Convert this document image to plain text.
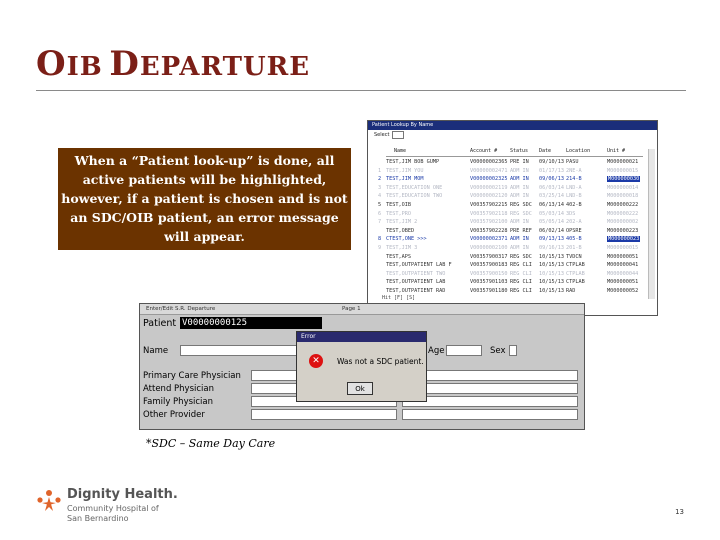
OIB DEPARTURE
When a “Patient look-up” is done, all active patients will be highlighted, however, if a patient is chosen and is not an SDC/OIB patient, an error message will appear.
Patient Lookup By Name
Select
Name	Account #	Status Date	Location	Unit #
TEST,JIM BOB GUMP	V00000002365 PRE IN 09/10/13 PASU	M000000021
1 TEST,JIM YOU	V00000002471 ADM IN 01/17/13 2NE-A	M000000015
2 TEST,JIM MOM	V00000002325 ADM IN 09/06/13 214-B	M000000030
3 TEST,EDUCATION ONE	V00000002119 ADM IN 06/03/14 LND-A	M000000014
4 TEST,EDUCATION TWO	V00000002120 ADM IN 03/25/14 LND-B	M000000018
5 TEST,OIB	V00357902215 REG SDC 06/13/14 402-B	M000000222
6 TEST,PRO	V00357902118 REG SDC 05/03/14 3DS	M000000222
7 TEST,JIM 2	V00357902100 ADM IN 05/05/14 202-A	M000000002
TEST,OBED	V00357902228 PRE REF 06/02/14 OPSRE	M000000223
8 CTEST,ONE >>>	V00000002371 ADM IN 09/13/13 405-B	M000000023
9 TEST,JIM 3	V00000002100 ADM IN 09/16/13 201-B	M000000015
TEST,APS	V00357900317 REG SDC 10/15/13 TVDCN	M000000051
TEST,OUTPATIENT LAB F	V00357900183 REG CLI 10/15/13 CTPLAB	M000000041
TEST,OUTPATIENT TWO	V00357900150 REG CLI 10/15/13 CTPLAB	M000000044
TEST,OUTPATIENT LAB	V00357901103 REG CLI 10/15/13 CTPLAB	M000000051
TEST,OUTPATIENT RAD	V00357901180 REG CLI 10/15/13 RAD	M000000052
Hit [F] [S]
Enter/Edit S.R. Departure	Page 1
Patient V00000000125
Name	Age	Sex
Primary Care Physician
Attend Physician
Family Physician
Other Provider
Error
✕	Was not a SDC patient.
Ok
*SDC – Same Day Care
Dignity Health.
Community Hospital of
San Bernardino
13
